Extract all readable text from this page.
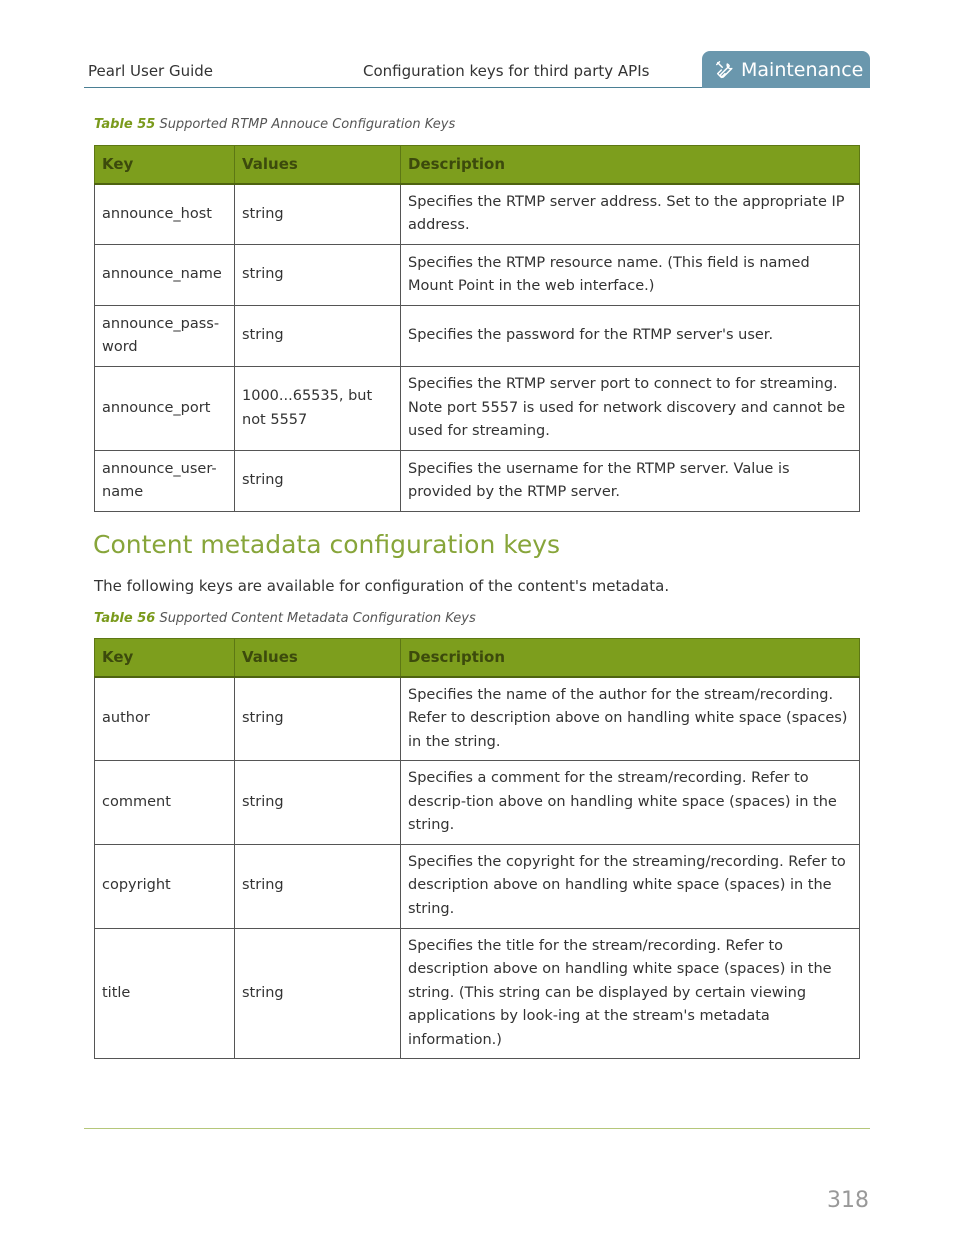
Pearl User Guide	Configuration keys for third party APIs	Maintenance
Table 55 Supported RTMP Annouce Configuration Keys
Key	Values	Description
announce_host	string	Specifies the RTMP server address. Set to the appropriate IP address.
announce_name	string	Specifies the RTMP resource name. (This field is named Mount Point in the web interface.)
announce_pass-word	string	Specifies the password for the RTMP server's user.
announce_port	1000...65535, but not 5557	Specifies the RTMP server port to connect to for streaming. Note port 5557 is used for network discovery and cannot be used for streaming.
announce_user-name	string	Specifies the username for the RTMP server. Value is provided by the RTMP server.
Content metadata configuration keys
The following keys are available for configuration of the content's metadata.
Table 56 Supported Content Metadata Configuration Keys
Key	Values	Description
author	string	Specifies the name of the author for the stream/recording. Refer to description above on handling white space (spaces) in the string.
comment	string	Specifies a comment for the stream/recording. Refer to descrip-tion above on handling white space (spaces) in the string.
copyright	string	Specifies the copyright for the streaming/recording. Refer to description above on handling white space (spaces) in the string.
title	string	Specifies the title for the stream/recording. Refer to description above on handling white space (spaces) in the string. (This string can be displayed by certain viewing applications by look-ing at the stream's metadata information.)
318
